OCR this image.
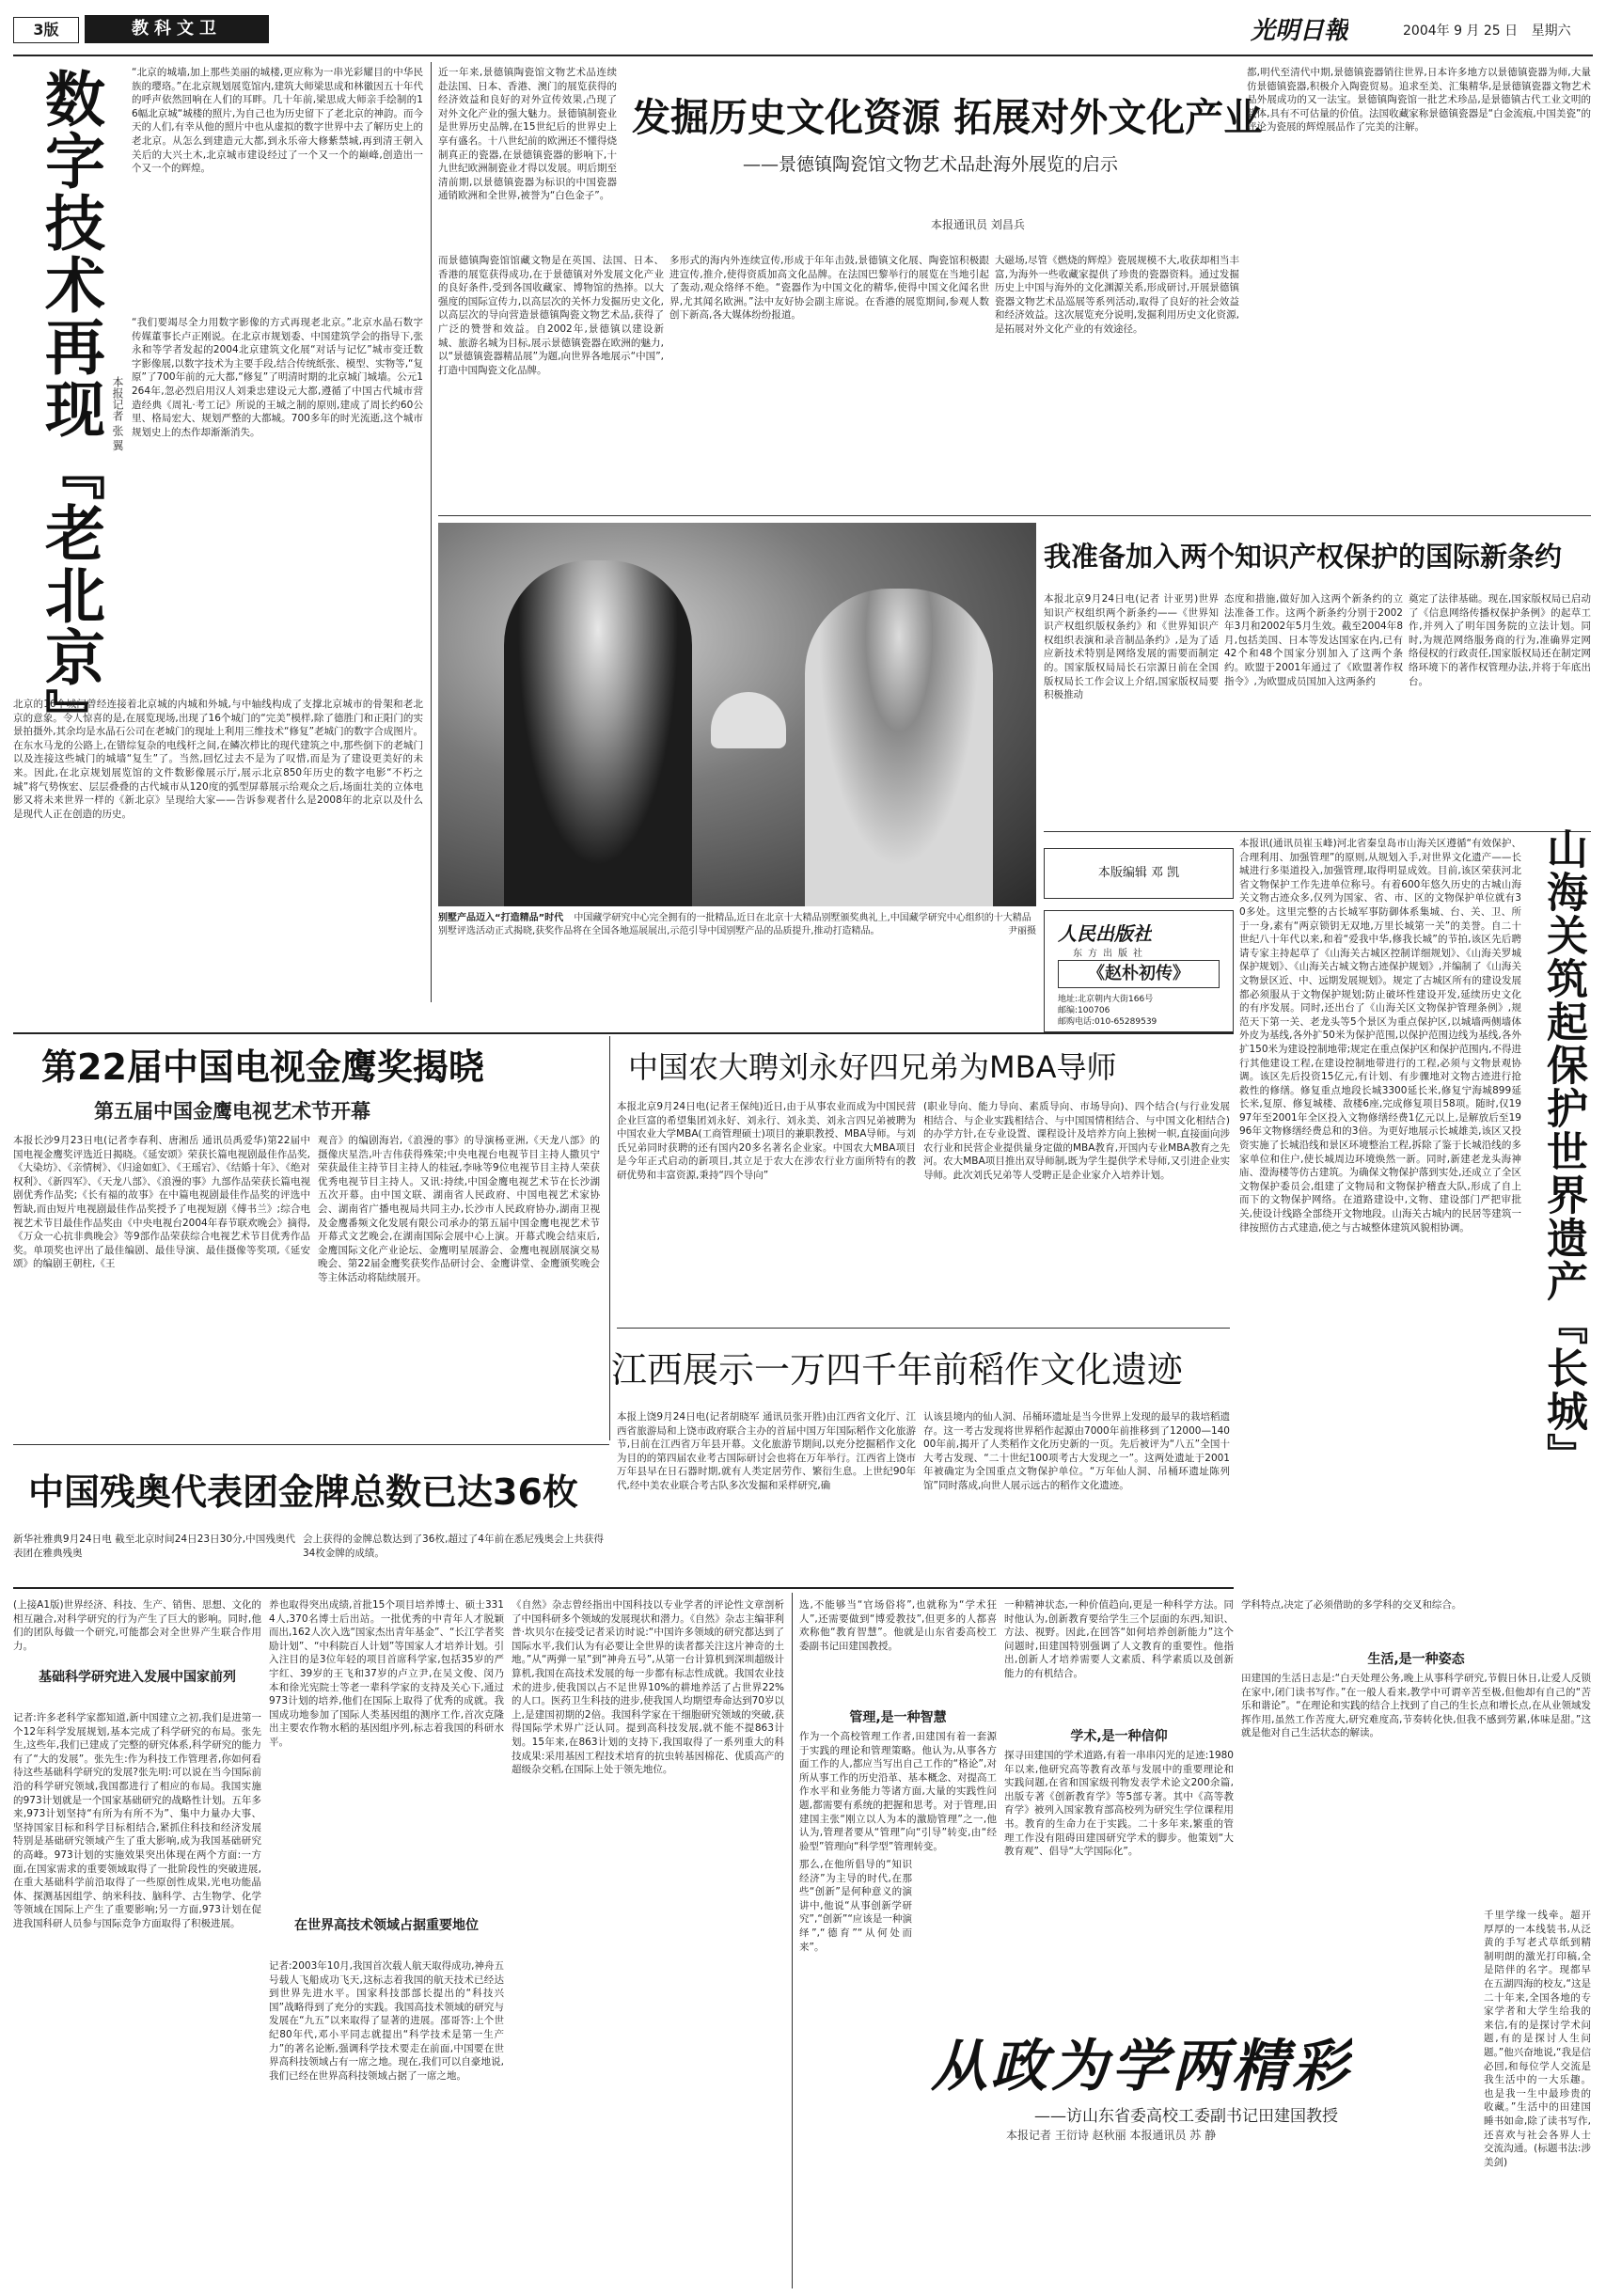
3版	教科文卫	光明日報	2004年 9 月 25 日 星期六
数字技术再现『老北京』 本报记者 张 翼
“北京的城墙,加上那些美丽的城楼,更应称为一串光彩耀目的中华民族的璎珞。”在北京规划展览馆内,建筑大师梁思成和林徽因五十年代的呼声依然回响在人们的耳畔。几十年前,梁思成大师亲手绘制的16幅北京城“城楼的照片,为自己也为历史留下了老北京的神韵。而今天的人们,有幸从他的照片中也从虚拟的数字世界中去了解历史上的老北京。从怎么到建造元大都,到永乐帝大修紫禁城,再到清王朝入关后的大兴土木,北京城市建设经过了一个又一个的巅峰,创造出一个又一个的辉煌。
“我们要竭尽全力用数字影像的方式再现老北京。”北京水晶石数字传媒董事长卢正刚说。在北京市规划委、中国建筑学会的指导下,张永和等学者发起的2004北京建筑文化展“对话与记忆”城市变迁数字影像展,以数字技术为主要手段,结合传统纸张、模型、实物等,“复原”了700年前的元大都,“修复”了明清时期的北京城门城墙。公元1264年,忽必烈启用汉人刘秉忠建设元大都,遵循了中国古代城市营造经典《周礼·考工记》所说的王城之制的原则,建成了周长约60公里、格局宏大、规划严整的大都城。700多年的时光流逝,这个城市规划史上的杰作却渐渐消失。
北京的16个城门曾经连接着北京城的内城和外城,与中轴线构成了支撑北京城市的骨架和老北京的意象。令人惊喜的是,在展览现场,出现了16个城门的“完美”模样,除了德胜门和正阳门的实景拍摄外,其余均是水晶石公司在老城门的现址上利用三维技术“修复”老城门的数字合成图片。在东水马龙的公路上,在错综复杂的电线杆之间,在鳞次栉比的现代建筑之中,那些倒下的老城门以及连接这些城门的城墙“复生”了。当然,回忆过去不是为了叹惜,而是为了建设更美好的未来。因此,在北京规划展览馆的文件数影像展示厅,展示北京850年历史的数字电影“不朽之城”将气势恢宏、层层叠叠的古代城市从120度的弧型屏幕展示给观众之后,场面壮美的立体电影又将未来世界一样的《新北京》呈现给大家——告诉参观者什么是2008年的北京以及什么是现代人正在创造的历史。
近一年来,景德镇陶瓷馆文物艺术品连续赴法国、日本、香港、澳门的展览获得的经济效益和良好的对外宣传效果,凸现了对外文化产业的强大魅力。景德镇制瓷业是世界历史品牌,在15世纪后的世界史上享有盛名。十八世纪前的欧洲还不懂得烧制真正的瓷器,在景德镇瓷器的影响下,十九世纪欧洲制瓷业才得以发展。明后期至清前期,以景德镇瓷器为标识的中国瓷器通销欧洲和全世界,被誉为“白色金子”。
发掘历史文化资源 拓展对外文化产业
——景德镇陶瓷馆文物艺术品赴海外展览的启示
本报通讯员 刘昌兵
而景德镇陶瓷馆馆藏文物是在英国、法国、日本、香港的展览获得成功,在于景德镇对外发展文化产业的良好条件,受到各国收藏家、博物馆的热捧。以大强度的国际宣传力,以高层次的关怀力发掘历史文化,以高层次的导向营造景德镇陶瓷文物艺术品,获得了广泛的赞誉和效益。自2002年,景德镇以建设新城、旅游名城为目标,展示景德镇瓷器在欧洲的魅力,以“景德镇瓷器精品展”为题,向世界各地展示“中国”,打造中国陶瓷文化品牌。
多形式的海内外连续宣传,形成于年年击鼓,景德镇文化展、陶瓷馆积极跟进宣传,推介,使得资质加高文化品牌。在法国巴黎举行的展览在当地引起了轰动,观众络绎不绝。“瓷器作为中国文化的精华,使得中国文化闻名世界,尤其闻名欧洲。”法中友好协会副主席说。在香港的展览期间,参观人数创下新高,各大媒体纷纷报道。
大磁场,尽管《燃烧的辉煌》瓷展规模不大,收获却相当丰富,为海外一些收藏家提供了珍贵的瓷器资料。通过发掘历史上中国与海外的文化渊源关系,形成研讨,开展景德镇瓷器文物艺术品巡展等系列活动,取得了良好的社会效益和经济效益。这次展览充分说明,发掘利用历史文化资源,是拓展对外文化产业的有效途径。
都,明代至清代中期,景德镇瓷器销往世界,日本许多地方以景德镇瓷器为师,大量仿景德镇瓷器,积极介入陶瓷贸易。追求至美、汇集精华,是景德镇瓷器文物艺术品外展成功的又一法宝。景德镇陶瓷馆一批艺术珍品,是景德镇古代工业文明的载体,具有不可估量的价值。法国收藏家称景德镇瓷器是“白金流痕,中国美瓷”的评论为瓷展的辉煌展品作了完美的注解。
别墅产品迈入“打造精品”时代 中国藏学研究中心完全拥有的一批精品,近日在北京十大精品别墅颁奖典礼上,中国藏学研究中心组织的十大精品别墅评选活动正式揭晓,获奖作品将在全国各地巡展展出,示范引导中国别墅产品的品质提升,推动打造精品。	尹丽摄
我准备加入两个知识产权保护的国际新条约
本报北京9月24日电(记者 计亚男)世界知识产权组织两个新条约——《世界知识产权组织版权条约》和《世界知识产权组织表演和录音制品条约》,是为了适应新技术特别是网络发展的需要而制定的。国家版权局局长石宗源日前在全国版权局长工作会议上介绍,国家版权局要积极推动
态度和措施,做好加入这两个新条约的立法准备工作。这两个新条约分别于2002年3月和2002年5月生效。截至2004年8月,包括美国、日本等发达国家在内,已有42个和48个国家分别加入了这两个条约。欧盟于2001年通过了《欧盟著作权指令》,为欧盟成员国加入这两条约
奠定了法律基础。现在,国家版权局已启动了《信息网络传播权保护条例》的起草工作,并列入了明年国务院的立法计划。同时,为规范网络服务商的行为,准确界定网络侵权的行政责任,国家版权局还在制定网络环境下的著作权管理办法,并将于年底出台。
本版编辑 邓 凯
人民出版社
东方出版社
《赵朴初传》
地址:北京朝内大街166号
邮编:100706
邮购电话:010-65289539
本报讯(通讯员崔玉峰)河北省秦皇岛市山海关区遵循“有效保护、合理利用、加强管理”的原则,从规划入手,对世界文化遗产——长城进行多渠道投入,加强管理,取得明显成效。目前,该区荣获河北省文物保护工作先进单位称号。有着600年悠久历史的古城山海关文物古迹众多,仅列为国家、省、市、区的文物保护单位就有30多处。这里完整的古长城军事防御体系集城、台、关、卫、所于一身,素有“两京锁钥无双地,万里长城第一关”的美誉。自二十世纪八十年代以来,和着“爱我中华,修我长城”的节拍,该区先后聘请专家主持起草了《山海关古城区控制详细规划》、《山海关罗城保护规划》、《山海关古城文物古迹保护规划》,并编制了《山海关文物景区近、中、远期发展规划》。规定了古城区所有的建设发展都必须服从于文物保护规划;防止破坏性建设开发,延续历史文化的有序发展。同时,还出台了《山海关区文物保护管理条例》,规范天下第一关、老龙头等5个景区为重点保护区,以城墙两侧墙体外皮为基线,各外扩50米为保护范围,以保护范围边线为基线,各外扩150米为建设控制地带;规定在重点保护区和保护范围内,不得进行其他建设工程,在建设控制地带进行的工程,必须与文物景观协调。该区先后投资15亿元,有计划、有步骤地对文物古迹进行抢救性的修缮。修复重点地段长城3300延长米,修复宁海城899延长米,复原、修复城楼、敌楼6座,完成修复项目58项。随时,仅1997年至2001年全区投入文物修缮经费1亿元以上,是解放后至1996年文物修缮经费总和的3倍。为更好地展示长城雄美,该区又投资实施了长城沿线和景区环境整治工程,拆除了鉴于长城沿线的多家单位和住户,使长城周边环境焕然一新。同时,新建老龙头海神庙、澄海楼等仿古建筑。为确保文物保护落到实处,还成立了全区文物保护委员会,组建了文物局和文物保护稽查大队,形成了自上而下的文物保护网络。在道路建设中,文物、建设部门严把审批关,使设计线路全部绕开文物地段。山海关古城内的民居等建筑一律按照仿古式建造,使之与古城整体建筑风貌相协调。	山海关筑起保护世界遗产『长城』
第22届中国电视金鹰奖揭晓
第五届中国金鹰电视艺术节开幕
本报长沙9月23日电(记者李春利、唐湘岳 通讯员禹爱华)第22届中国电视金鹰奖评选近日揭晓。《延安颂》荣获长篇电视剧最佳作品奖,《大染坊》、《亲情树》、《归途如虹》、《王瑶宕》、《结婚十年》、《绝对权利》、《新四军》、《天龙八部》、《浪漫的事》九部作品荣获长篇电视剧优秀作品奖;《长有福的故事》在中篇电视剧最佳作品奖的评选中暂缺,而由短片电视剧最佳作品奖授予了电视短剧《傅书兰》;综合电视艺术节目最佳作品奖由《中央电视台2004年春节联欢晚会》摘得,《万众一心抗非典晚会》等9部作品荣获综合电视艺术节目优秀作品奖。单项奖也评出了最佳编剧、最佳导演、最佳摄像等奖项,《延安颂》的编剧王朝柱,《王
观音》的编剧海岩,《浪漫的事》的导演杨亚洲,《天龙八部》的摄像庆星浩,叶吉伟获得殊荣;中央电视台电视节目主持人撒贝宁荣获最佳主持节目主持人的桂冠,李咏等9位电视节目主持人荣获优秀电视节目主持人。又讯:持续,中国金鹰电视艺术节在长沙湖五次开幕。由中国文联、湖南省人民政府、中国电视艺术家协会、湖南省广播电视局共同主办,长沙市人民政府协办,湖南卫视及金鹰番频文化发展有限公司承办的第五届中国金鹰电视艺术节开幕式文艺晚会,在湖南国际会展中心上演。开幕式晚会结束后,金鹰国际文化产业论坛、金鹰明星展游会、金鹰电视剧展演交易晚会、第22届金鹰奖获奖作品研讨会、金鹰讲堂、金鹰颁奖晚会等主体活动将陆续展开。
中国农大聘刘永好四兄弟为MBA导师
本报北京9月24日电(记者王保纯)近日,由于从事农业而成为中国民营企业巨富的希望集团刘永好、刘永行、刘永美、刘永言四兄弟被聘为中国农业大学MBA(工商管理硕士)项目的兼职教授、MBA导师。与刘氏兄弟同时获聘的还有国内20多名著名企业家。中国农大MBA项目是今年正式启动的新项目,其立足于农大在涉农行业方面所特有的教研优势和丰富资源,秉持“四个导向”
(职业导向、能力导向、素质导向、市场导向)、四个结合(与行业发展相结合、与企业实践相结合、与中国国情相结合、与中国文化相结合)的办学方针,在专业设置、课程设计及培养方向上独树一帜,直接面向涉农行业和民营企业提供量身定做的MBA教育,开国内专业MBA教育之先河。农大MBA项目推出双导师制,既为学生提供学术导师,又引进企业实导师。此次刘氏兄弟等人受聘正是企业家介入培养计划。
江西展示一万四千年前稻作文化遗迹
本报上饶9月24日电(记者胡晓军 通讯员张开胜)由江西省文化厅、江西省旅游局和上饶市政府联合主办的首届中国万年国际稻作文化旅游节,日前在江西省万年县开幕。文化旅游节期间,以充分挖掘稻作文化为目的的第四届农业考古国际研讨会也将在万年举行。江西省上饶市万年县早在日石器时期,就有人类定居劳作、繁衍生息。上世纪90年代,经中美农业联合考古队多次发掘和采样研究,确
认该县境内的仙人洞、吊桶环遗址是当今世界上发现的最早的栽培稻遗存。这一考古发现将世界稻作起源由7000年前推移到了12000—14000年前,揭开了人类稻作文化历史新的一页。先后被评为“八五”全国十大考古发现、“二十世纪100项考古大发现之一”。这两处遗址于2001年被确定为全国重点文物保护单位。“万年仙人洞、吊桶环遗址陈列馆”同时落成,向世人展示远古的稻作文化遗迹。
中国残奥代表团金牌总数已达36枚
新华社雅典9月24日电 截至北京时间24日23日30分,中国残奥代表团在雅典残奥
会上获得的金牌总数达到了36枚,超过了4年前在悉尼残奥会上共获得34枚金牌的成绩。
(上接A1版)世界经济、科技、生产、销售、思想、文化的相互融合,对科学研究的行为产生了巨大的影响。同时,他们的团队每做一个研究,可能都会对全世界产生联合作用力。
基础科学研究进入发展中国家前列
记者:许多老科学家都知道,新中国建立之初,我们是进第一个12年科学发展规划,基本完成了科学研究的布局。张先生,这些年,我们已建成了完整的研究体系,科学研究的能力有了“大的发展”。张先生:作为科技工作管理者,你如何看待这些基础科学研究的发展?张先明:可以说在当今国际前沿的科学研究领域,我国都进行了相应的布局。我国实施的973计划就是一个国家基础研究的战略性计划。五年多来,973计划坚持“有所为有所不为”、集中力量办大事、坚持国家目标和科学目标相结合,紧抓住科技和经济发展特别是基础研究领域产生了重大影响,成为我国基础研究的高峰。973计划的实施效果突出体现在两个方面:一方面,在国家需求的重要领域取得了一批阶段性的突破进展,在重大基础科学前沿取得了一些原创性成果,光电功能晶体、探测基因组学、纳米科技、脑科学、古生物学、化学等领域在国际上产生了重要影响;另一方面,973计划在促进我国科研人员参与国际竞争方面取得了积极进展。
养也取得突出成绩,首批15个项目培养博士、硕士3314人,370名博士后出站。一批优秀的中青年人才脱颖而出,162人次入选“国家杰出青年基金”、“长江学者奖励计划”、“中科院百人计划”等国家人才培养计划。引入注目的是3位年轻的项目首席科学家,包括35岁的严宇红、39岁的王飞和37岁的卢立尹,在吴文俊、闵乃本和徐光宪院士等老一辈科学家的支持及关心下,通过973计划的培养,他们在国际上取得了优秀的成就。我国成功地参加了国际人类基因组的测序工作,首次克隆出主要农作物水稻的基因组序列,标志着我国的科研水平。
在世界高技术领域占据重要地位
记者:2003年10月,我国首次载人航天取得成功,神舟五号载人飞船成功飞天,这标志着我国的航天技术已经达到世界先进水平。国家科技部部长提出的“科技兴国”战略得到了充分的实践。我国高技术领域的研究与发展在“九五”以来取得了显著的进展。邵哥答:上个世纪80年代,邓小平同志就提出“科学技术是第一生产力”的著名论断,强调科学技术要走在前面,中国要在世界高科技领域占有一席之地。现在,我们可以自豪地说,我们已经在世界高科技领域占据了一席之地。
《自然》杂志曾经指出中国科技以专业学者的评论性文章剖析了中国科研多个领域的发展现状和潜力。《自然》杂志主编菲利普·坎贝尔在接受记者采访时说:“中国许多领域的研究都达到了国际水平,我们认为有必要让全世界的读者都关注这片神奇的土地。”从“两弹一星”到“神舟五号”,从第一台计算机到深圳超级计算机,我国在高技术发展的每一步都有标志性成就。我国农业技术的进步,使我国以占不足世界10%的耕地养活了占世界22%的人口。医药卫生科技的进步,使我国人均期望寿命达到70岁以上,是建国初期的2倍。我国科学家在干细胞研究领域的突破,获得国际学术界广泛认同。提到高科技发展,就不能不提863计划。15年来,在863计划的支持下,我国取得了一系列重大的科技成果:采用基因工程技术培育的抗虫转基因棉花、优质高产的超级杂交稻,在国际上处于领先地位。
选,不能够当“官场俗将”,也就称为“学术狂人”,还需要做到“博爱教技”,但更多的人都喜欢称他“教育智慧”。他就是山东省委高校工委副书记田建国教授。
管理,是一种智慧
作为一个高校管理工作者,田建国有着一套源于实践的理论和管理策略。他认为,从事各方面工作的人,都应当写出自己工作的“格论”,对所从事工作的历史沿革、基本概念、对提高工作水平和业务能力等诸方面,大量的实践性问题,都需要有系统的把握和思考。对于管理,田建国主张“刚立以人为本的激励管理”之一,他认为,管理者要从“管理”向“引导”转变,由“经验型”管理向“科学型”管理转变。
那么,在他所倡导的“知识经济”为主导的时代,在那些“创新”是何种意义的演讲中,他说“从事创新学研究”,“创新”“应该是一种演绎”,“德育”“从何处而来”。
一种精神状态,一种价值趋向,更是一种科学方法。同时他认为,创新教育要给学生三个层面的东西,知识、方法、视野。因此,在回答“如何培养创新能力”这个问题时,田建国特别强调了人文教育的重要性。他指出,创新人才培养需要人文素质、科学素质以及创新能力的有机结合。
学术,是一种信仰
探寻田建国的学术道路,有着一串串闪光的足迹:1980年以来,他研究高等教育改革与发展中的重要理论和实践问题,在省和国家级刊物发表学术论文200余篇,出版专著《创新教育学》等5部专著。其中《高等教育学》被列入国家教育部高校列为研究生学位课程用书。教育的生命力在于实践。二十多年来,繁重的管理工作没有阻碍田建国研究学术的脚步。他策划“大教育观”、倡导“大学国际化”。
学科特点,决定了必须借助的多学科的交叉和综合。
生活,是一种姿态
田建国的生活日志是:“白天处理公务,晚上从事科学研究,节假日休日,让爱人反锁在家中,闭门读书写作。”在一般人看来,教学中可谓辛苦至极,但他却有自己的“苦乐和谐论”。“在理论和实践的结合上找到了自己的生长点和增长点,在从业领域发挥作用,虽然工作苦度大,研究难度高,节奏转化快,但我不感到劳累,体味是甜。”这就是他对自己生活状态的解读。
千里学缘一线牵。超开厚厚的一本线装书,从泛黄的手写老式草纸到精制明朗的激光打印稿,全是陪伴的名字。现都早在五湖四海的校友,“这是二十年来,全国各地的专家学者和大学生给我的来信,有的是探讨学术问题,有的是探讨人生问题。”他兴奋地说,“我是信必回,和每位学人交流是我生活中的一大乐趣。也是我一生中最珍贵的收藏。”生活中的田建国睡书如命,除了读书写作,还喜欢与社会各界人士交流沟通。(标题书法:涉美剑)
从政为学两精彩
——访山东省委高校工委副书记田建国教授
本报记者 王衍诗 赵秋丽 本报通讯员 苏 静
